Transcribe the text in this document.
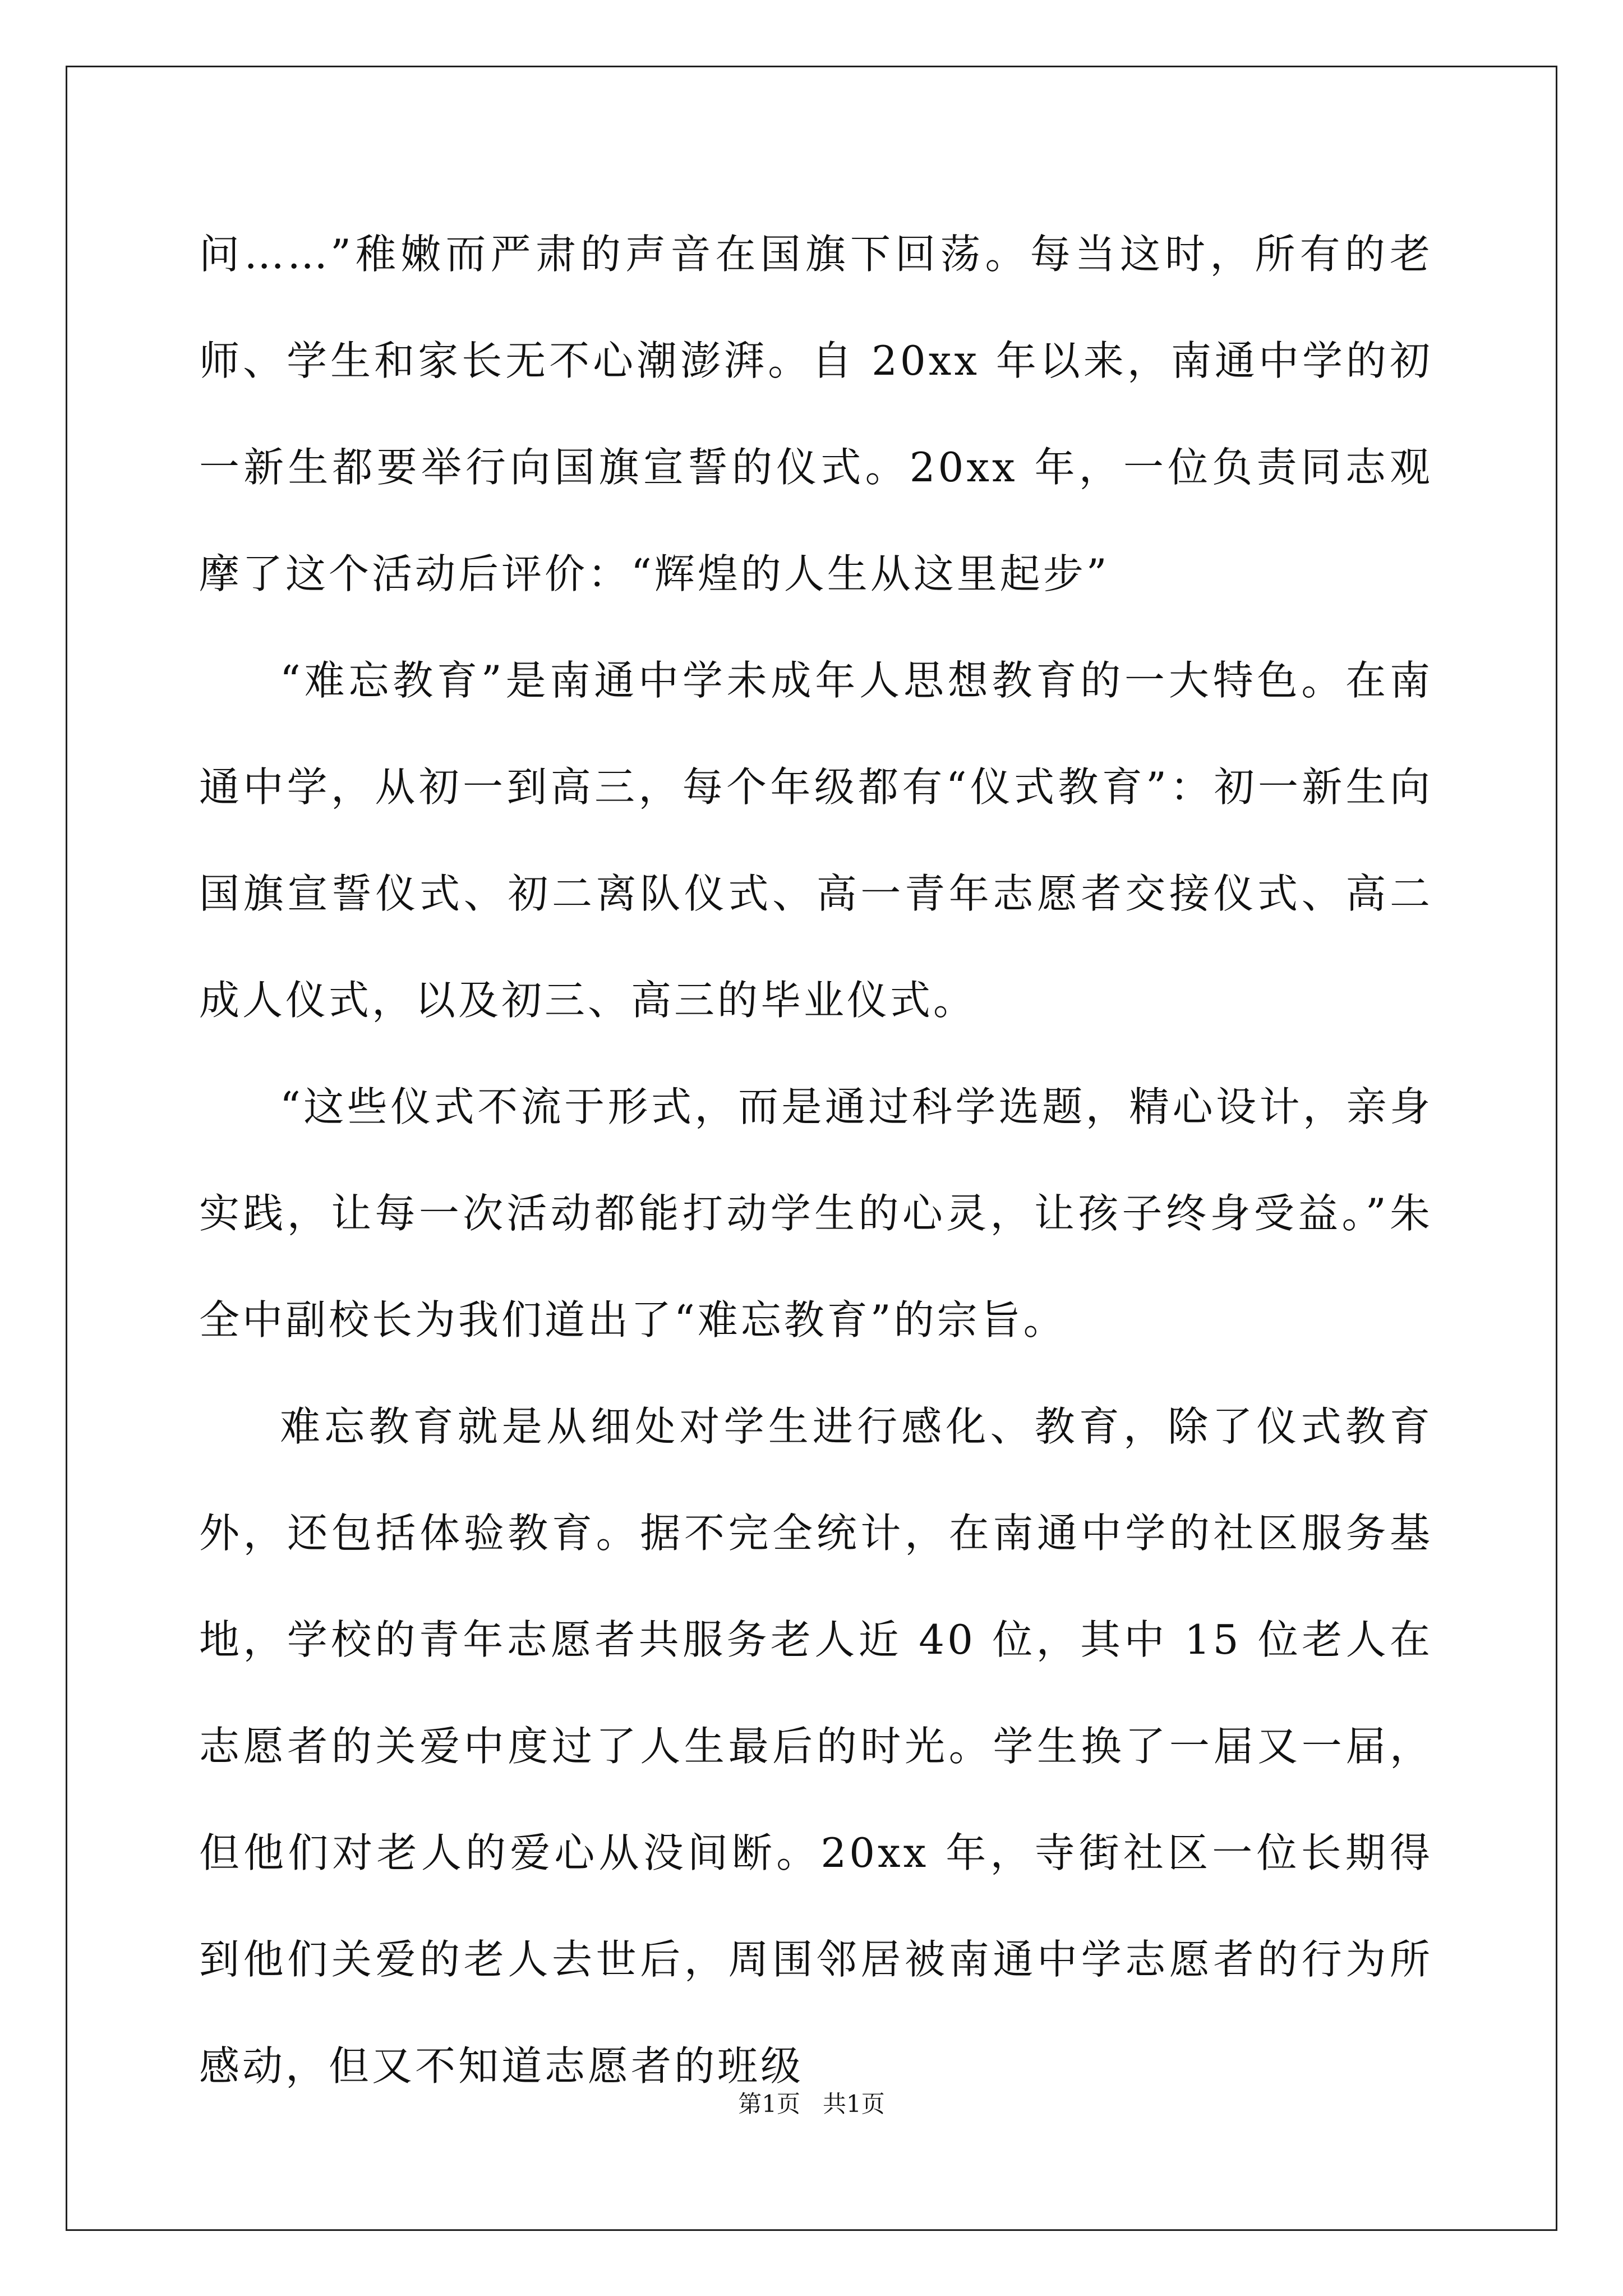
问……”稚嫩而严肃的声音在国旗下回荡。每当这时，所有的老师、学生和家长无不心潮澎湃。自 20xx 年以来，南通中学的初一新生都要举行向国旗宣誓的仪式。20xx 年，一位负责同志观摩了这个活动后评价：“辉煌的人生从这里起步”

“难忘教育”是南通中学未成年人思想教育的一大特色。在南通中学，从初一到高三，每个年级都有“仪式教育”：初一新生向国旗宣誓仪式、初二离队仪式、高一青年志愿者交接仪式、高二成人仪式，以及初三、高三的毕业仪式。

“这些仪式不流于形式，而是通过科学选题，精心设计，亲身实践，让每一次活动都能打动学生的心灵，让孩子终身受益。”朱全中副校长为我们道出了“难忘教育”的宗旨。

难忘教育就是从细处对学生进行感化、教育，除了仪式教育外，还包括体验教育。据不完全统计，在南通中学的社区服务基地，学校的青年志愿者共服务老人近 40 位，其中 15 位老人在志愿者的关爱中度过了人生最后的时光。学生换了一届又一届，但他们对老人的爱心从没间断。20xx 年，寺街社区一位长期得到他们关爱的老人去世后，周围邻居被南通中学志愿者的行为所感动，但又不知道志愿者的班级

第1页 共1页
